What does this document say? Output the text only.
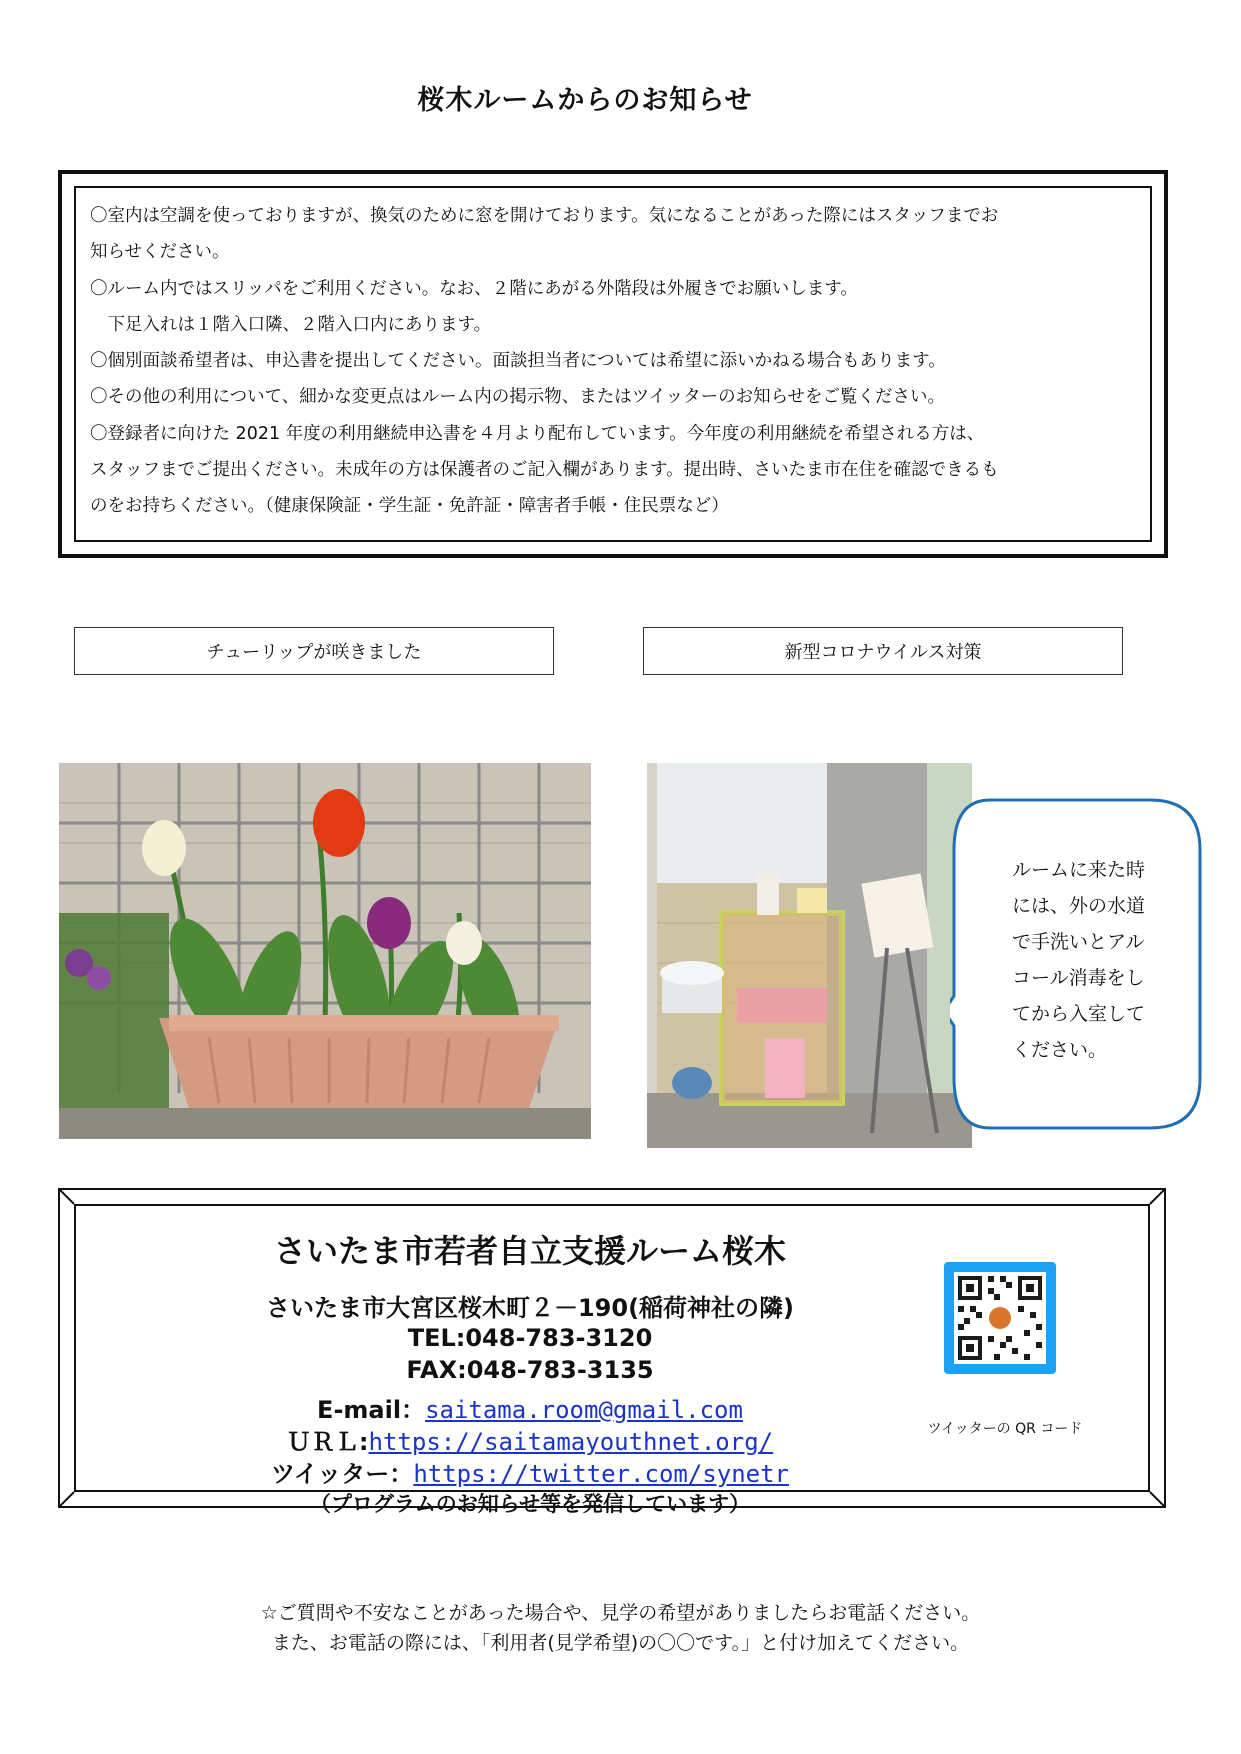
桜木ルームからのお知らせ
〇室内は空調を使っておりますが、換気のために窓を開けております。気になることがあった際にはスタッフまでお
知らせください。
〇ルーム内ではスリッパをご利用ください。なお、２階にあがる外階段は外履きでお願いします。
　下足入れは１階入口隣、２階入口内にあります。
〇個別面談希望者は、申込書を提出してください。面談担当者については希望に添いかねる場合もあります。
〇その他の利用について、細かな変更点はルーム内の掲示物、またはツイッターのお知らせをご覧ください。
〇登録者に向けた 2021 年度の利用継続申込書を４月より配布しています。今年度の利用継続を希望される方は、
スタッフまでご提出ください。未成年の方は保護者のご記入欄があります。提出時、さいたま市在住を確認できるも
のをお持ちください。（健康保険証・学生証・免許証・障害者手帳・住民票など）
チューリップが咲きました	新型コロナウイルス対策
ルームに来た時
には、外の水道
で手洗いとアル
コール消毒をし
てから入室して
ください。
さいたま市若者自立支援ルーム桜木
さいたま市大宮区桜木町２－190(稲荷神社の隣)
TEL:048-783-3120
FAX:048-783-3135
E-mail：saitama.room@gmail.com
ＵＲＬ:https://saitamayouthnet.org/
ツイッター：https://twitter.com/synetr
（プログラムのお知らせ等を発信しています）
ツイッターの QR コード
☆ご質問や不安なことがあった場合や、見学の希望がありましたらお電話ください。
また、お電話の際には、「利用者(見学希望)の〇〇です。」と付け加えてください。
